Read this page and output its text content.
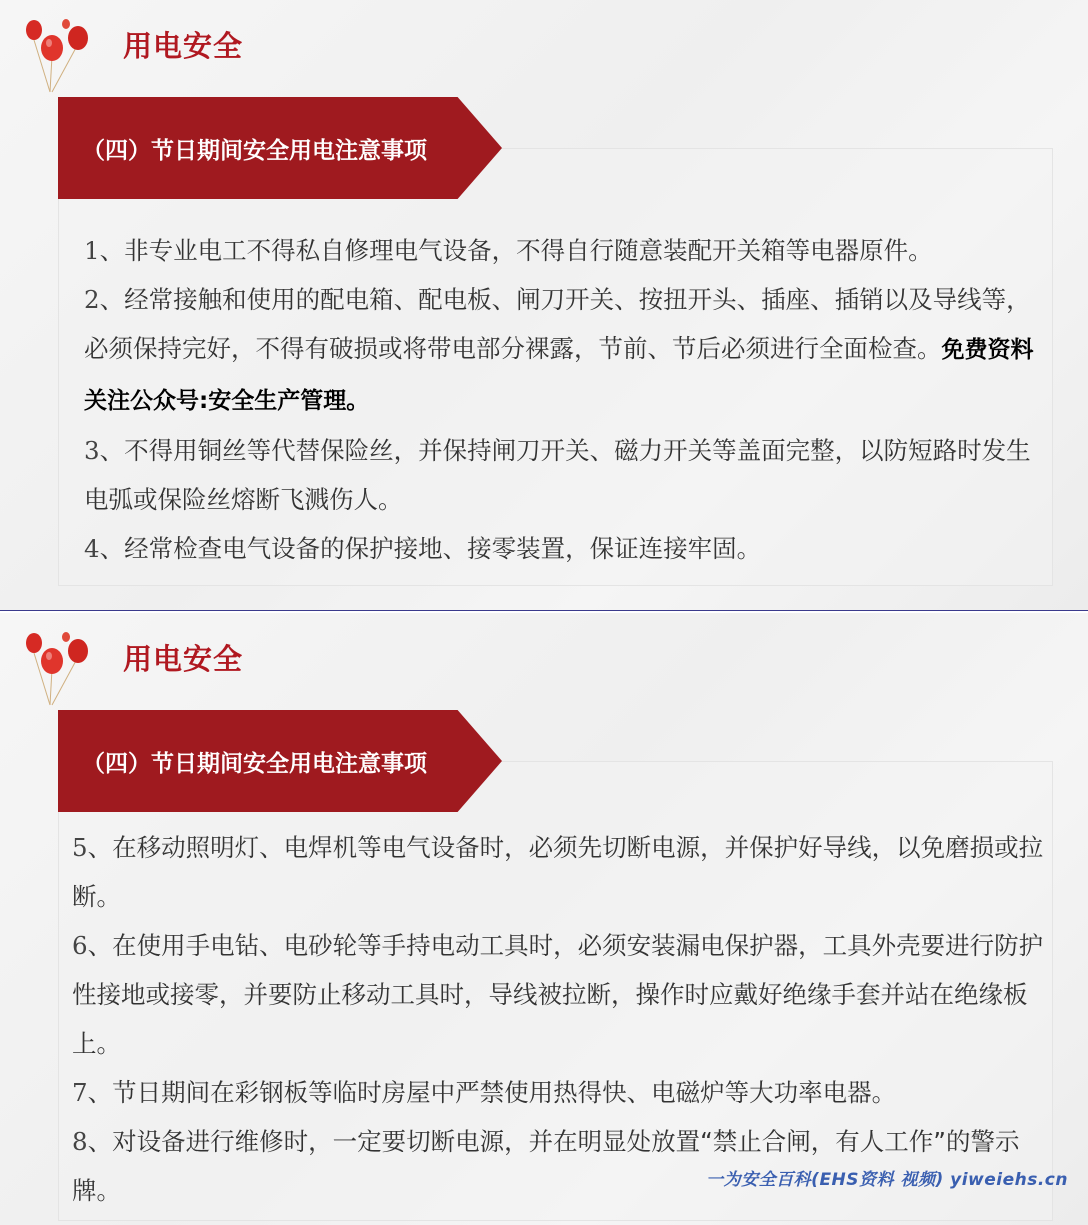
用电安全
（四）节日期间安全用电注意事项
1、非专业电工不得私自修理电气设备，不得自行随意装配开关箱等电器原件。
2、经常接触和使用的配电箱、配电板、闸刀开关、按扭开头、插座、插销以及导线等，必须保持完好，不得有破损或将带电部分裸露，节前、节后必须进行全面检查。免费资料关注公众号:安全生产管理。
3、不得用铜丝等代替保险丝，并保持闸刀开关、磁力开关等盖面完整，以防短路时发生电弧或保险丝熔断飞溅伤人。
4、经常检查电气设备的保护接地、接零装置，保证连接牢固。
用电安全
（四）节日期间安全用电注意事项
5、在移动照明灯、电焊机等电气设备时，必须先切断电源，并保护好导线，以免磨损或拉断。
6、在使用手电钻、电砂轮等手持电动工具时，必须安装漏电保护器，工具外壳要进行防护性接地或接零，并要防止移动工具时，导线被拉断，操作时应戴好绝缘手套并站在绝缘板上。
7、节日期间在彩钢板等临时房屋中严禁使用热得快、电磁炉等大功率电器。
8、对设备进行维修时，一定要切断电源，并在明显处放置“禁止合闸，有人工作”的警示牌。	一为安全百科(EHS资料 视频) yiweiehs.cn
